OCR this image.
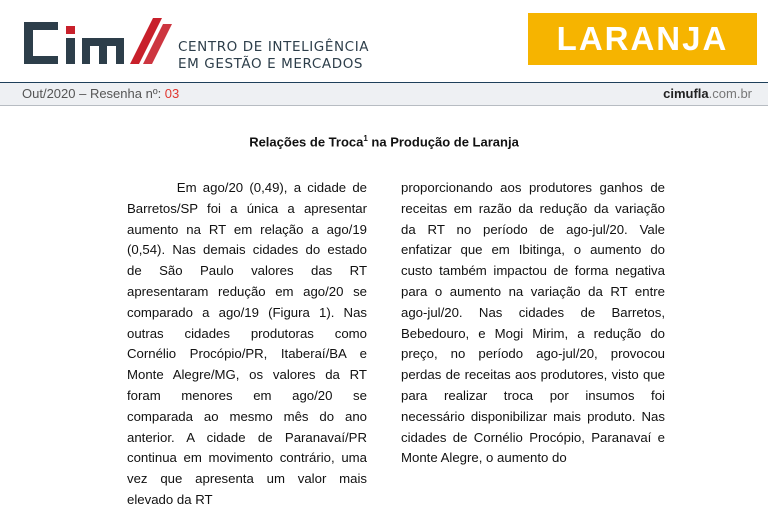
CENTRO DE INTELIGÊNCIA
EM GESTÃO E MERCADOS
LARANJA
Out/2020 – Resenha nº: 03	cimufla.com.br
Relações de Troca$^1$ na Produção de Laranja

Em ago/20 (0,49), a cidade de Barretos/SP foi a única a apresentar aumento na RT em relação a ago/19 (0,54). Nas demais cidades do estado de São Paulo valores das RT apresentaram redução em ago/20 se comparado a ago/19 (Figura 1). Nas outras cidades produtoras como Cornélio Procópio/PR, Itaberaí/BA e Monte Alegre/MG, os valores da RT foram menores em ago/20 se comparada ao mesmo mês do ano anterior. A cidade de Paranavaí/PR continua em movimento contrário, uma vez que apresenta um valor mais elevado da RT

proporcionando aos produtores ganhos de receitas em razão da redução da variação da RT no período de ago-jul/20. Vale enfatizar que em Ibitinga, o aumento do custo também impactou de forma negativa para o aumento na variação da RT entre ago-jul/20. Nas cidades de Barretos, Bebedouro, e Mogi Mirim, a redução do preço, no período ago-jul/20, provocou perdas de receitas aos produtores, visto que para realizar troca por insumos foi necessário disponibilizar mais produto. Nas cidades de Cornélio Procópio, Paranavaí e Monte Alegre, o aumento do
